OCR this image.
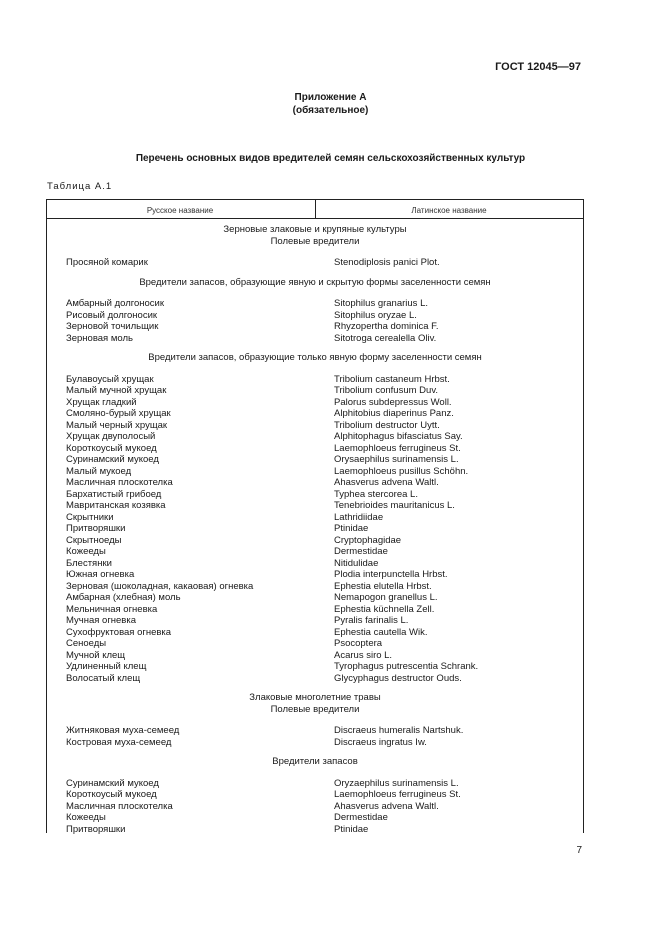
ГОСТ 12045—97
Приложение А
(обязательное)
Перечень основных видов вредителей семян сельскохозяйственных культур
Таблица А.1
Русское название	Латинское название
Зерновые злаковые и крупяные культуры
Полевые вредители
Просяной комарик	Stenodiplosis panici Plot.
Вредители запасов, образующие явную и скрытую формы заселенности семян
Амбарный долгоносик	Sitophilus granarius L.
Рисовый долгоносик	Sitophilus oryzae L.
Зерновой точильщик	Rhyzopertha dominica F.
Зерновая моль	Sitotroga cerealella Oliv.
Вредители запасов, образующие только явную форму заселенности семян
Булавоусый хрущак	Tribolium castaneum Hrbst.
Малый мучной хрущак	Tribolium confusum Duv.
Хрущак гладкий	Palorus subdepressus Woll.
Смоляно-бурый хрущак	Alphitobius diaperinus Panz.
Малый черный хрущак	Tribolium destructor Uytt.
Хрущак двуполосый	Alphitophagus bifasciatus Say.
Короткоусый мукоед	Laemophloeus ferrugineus St.
Суринамский мукоед	Orysaephilus surinamensis L.
Малый мукоед	Laemophloeus pusillus Schöhn.
Масличная плоскотелка	Ahasverus advena Waltl.
Бархатистый грибоед	Typhea stercorea L.
Мавританская козявка	Tenebrioides mauritanicus L.
Скрытники	Lathridiidae
Притворяшки	Ptinidae
Скрытноеды	Cryptophagidae
Кожееды	Dermestidae
Блестянки	Nitidulidae
Южная огневка	Plodia interpunctella Hrbst.
Зерновая (шоколадная, какаовая) огневка	Ephestia elutella Hrbst.
Амбарная (хлебная) моль	Nemapogon granellus L.
Мельничная огневка	Ephestia küchnella Zell.
Мучная огневка	Pyralis farinalis L.
Сухофруктовая огневка	Ephestia cautella Wik.
Сеноеды	Psocoptera
Мучной клещ	Acarus siro L.
Удлиненный клещ	Tyrophagus putrescentia Schrank.
Волосатый клещ	Glycyphagus destructor Ouds.
Злаковые многолетние травы
Полевые вредители
Житняковая муха-семеед	Discraeus humeralis Nartshuk.
Костровая муха-семеед	Discraeus ingratus Iw.
Вредители запасов
Суринамский мукоед	Oryzaephilus surinamensis L.
Короткоусый мукоед	Laemophloeus ferrugineus St.
Масличная плоскотелка	Ahasverus advena Waltl.
Кожееды	Dermestidae
Притворяшки	Ptinidae
7
